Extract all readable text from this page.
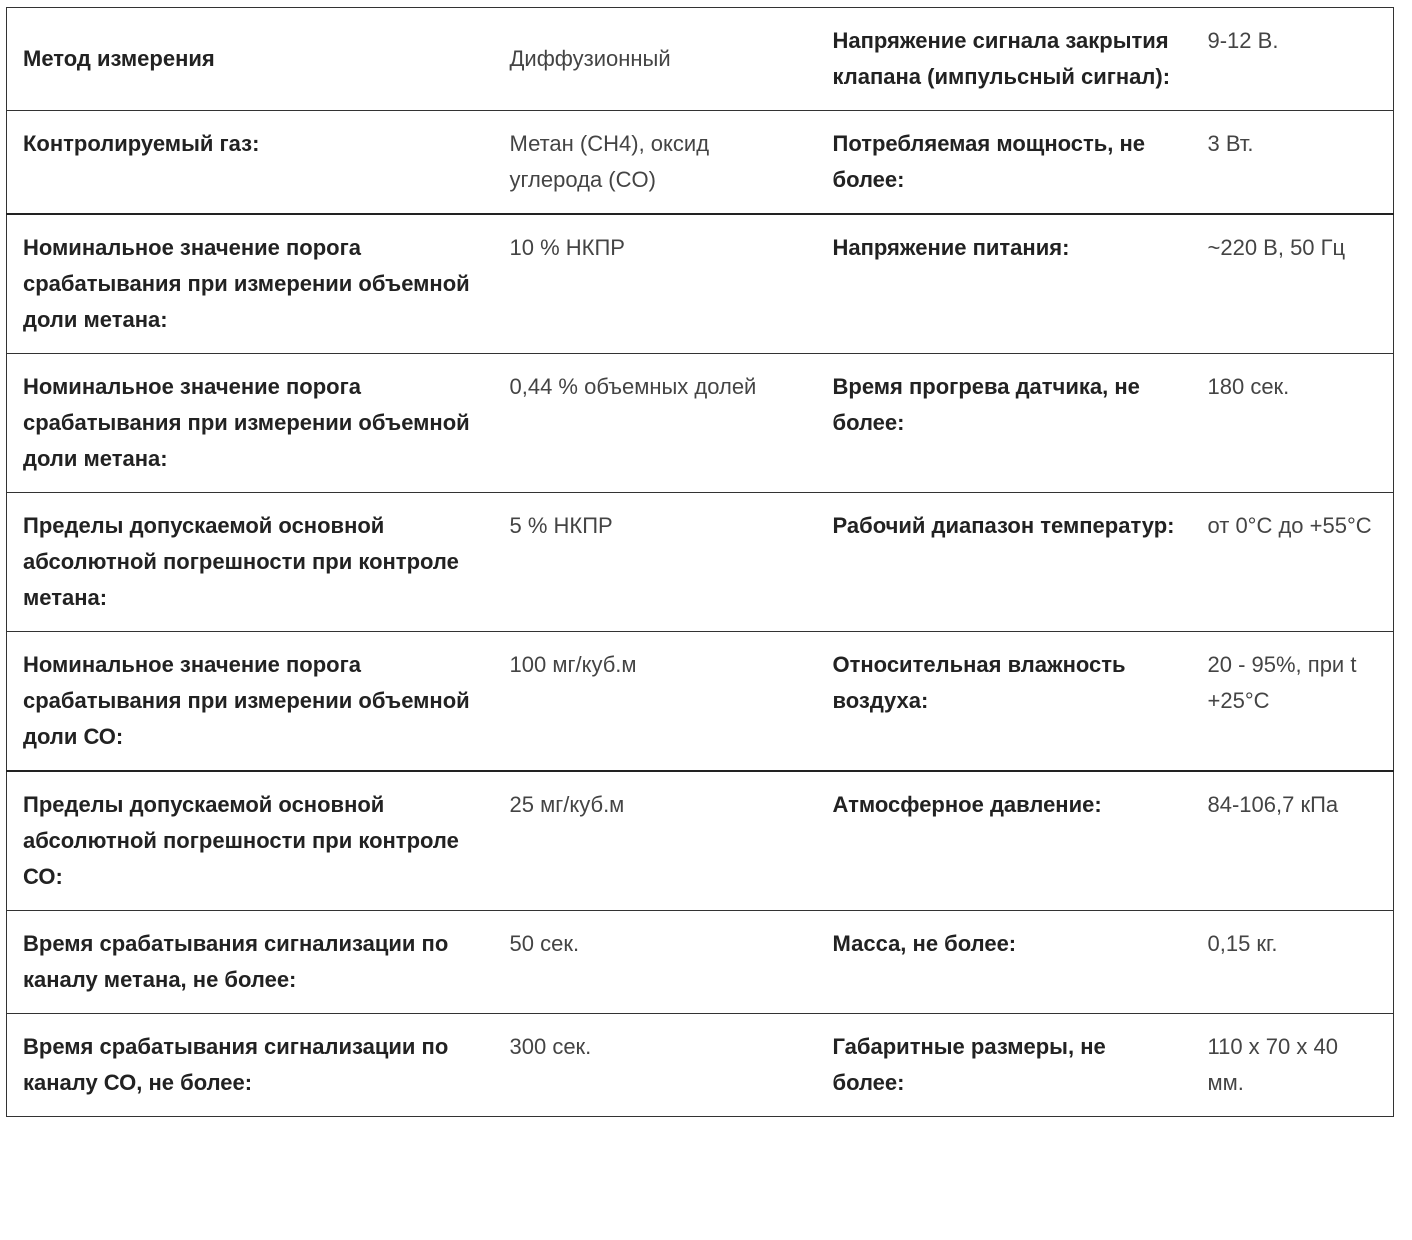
Метод измерения	Диффузионный	Напряжение сигнала закрытия клапана (импульсный сигнал):	9-12 В.
Контролируемый газ:	Метан (CH4), оксид углерода (CO)	Потребляемая мощность, не более:	3 Вт.
Номинальное значение порога срабатывания при измерении объемной доли метана:	10 % НКПР	Напряжение питания:	~220 В, 50 Гц
Номинальное значение порога срабатывания при измерении объемной доли метана:	0,44 % объемных долей	Время прогрева датчика, не более:	180 сек.
Пределы допускаемой основной абсолютной погрешности при контроле метана:	5 % НКПР	Рабочий диапазон температур:	от 0°С до +55°С
Номинальное значение порога срабатывания при измерении объемной доли СО:	100 мг/куб.м	Относительная влажность воздуха:	20 - 95%, при t +25°С
Пределы допускаемой основной абсолютной погрешности при контроле СО:	25 мг/куб.м	Атмосферное давление:	84-106,7 кПа
Время срабатывания сигнализации по каналу метана, не более:	50 сек.	Масса, не более:	0,15 кг.
Время срабатывания сигнализации по каналу СО, не более:	300 сек.	Габаритные размеры, не более:	110 х 70 х 40 мм.
